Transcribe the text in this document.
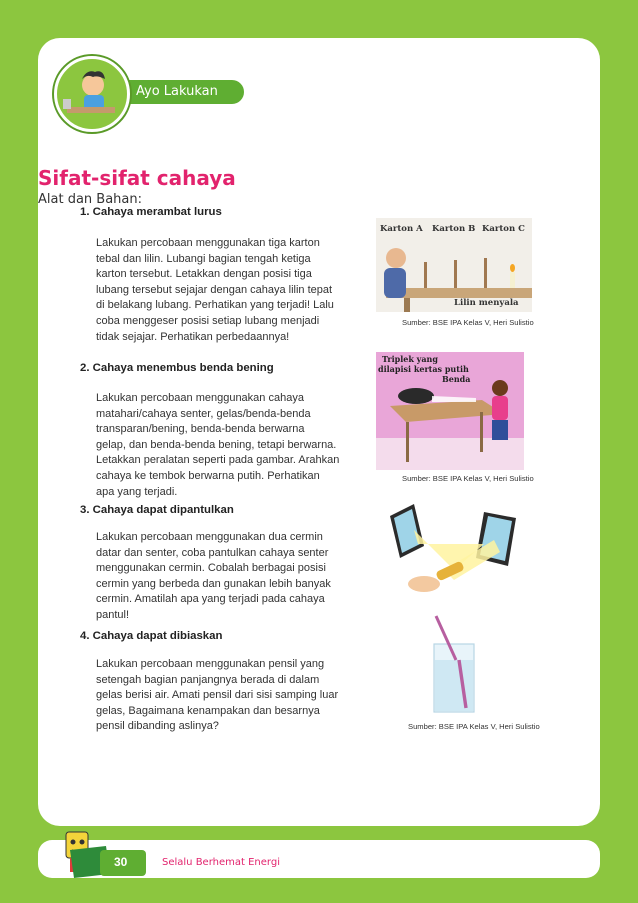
Ayo Lakukan
Sifat-sifat cahaya
Alat dan Bahan:
1. Cahaya merambat lurus
Lakukan percobaan menggunakan tiga karton
tebal dan lilin. Lubangi bagian tengah ketiga
karton tersebut. Letakkan dengan posisi tiga
lubang tersebut sejajar dengan cahaya lilin tepat
di belakang lubang. Perhatikan yang terjadi! Lalu
coba menggeser posisi setiap lubang menjadi
tidak sejajar. Perhatikan perbedaannya!
2. Cahaya menembus benda bening
Lakukan percobaan menggunakan cahaya
matahari/cahaya senter, gelas/benda-benda
transparan/bening, benda-benda berwarna
gelap, dan benda-benda bening, tetapi berwarna.
Letakkan peralatan seperti pada gambar. Arahkan
cahaya ke tembok berwarna putih. Perhatikan
apa yang terjadi.
3. Cahaya dapat dipantulkan
Lakukan percobaan menggunakan dua cermin
datar dan senter, coba pantulkan cahaya senter
menggunakan cermin. Cobalah berbagai posisi
cermin yang berbeda dan gunakan lebih banyak
cermin. Amatilah apa yang terjadi pada cahaya
pantul!
4. Cahaya dapat dibiaskan
Lakukan percobaan menggunakan pensil yang
setengah bagian panjangnya berada di dalam
gelas berisi air. Amati pensil dari sisi samping luar
gelas, Bagaimana kenampakan dan besarnya
pensil dibanding aslinya?
Karton A Karton B Karton C
Lilin menyala
Sumber: BSE IPA Kelas V, Heri Sulistio
Triplek yang
dilapisi kertas putih
Benda
Sumber: BSE IPA Kelas V, Heri Sulistio
Sumber: BSE IPA Kelas V, Heri Sulistio
30	Selalu Berhemat Energi
